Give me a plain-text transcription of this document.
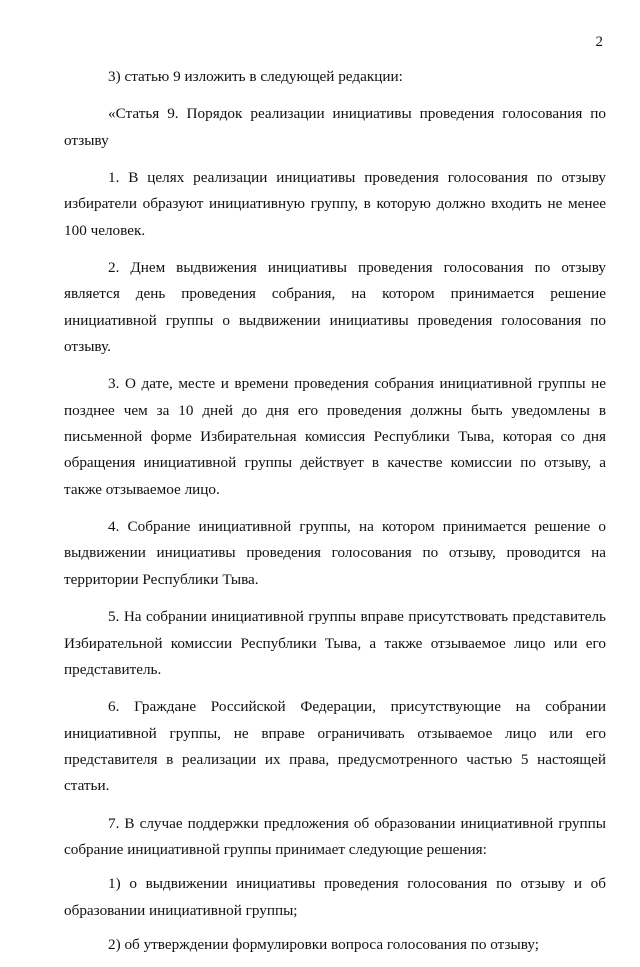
2

3) статью 9 изложить в следующей редакции:

«Статья 9. Порядок реализации инициативы проведения голосования по отзыву

1. В целях реализации инициативы проведения голосования по отзыву избиратели образуют инициативную группу, в которую должно входить не менее 100 человек.

2. Днем выдвижения инициативы проведения голосования по отзыву является день проведения собрания, на котором принимается решение инициативной группы о выдвижении инициативы проведения голосования по отзыву.

3. О дате, месте и времени проведения собрания инициативной группы не позднее чем за 10 дней до дня его проведения должны быть уведомлены в письменной форме Избирательная комиссия Республики Тыва, которая со дня обращения инициативной группы действует в качестве комиссии по отзыву, а также отзываемое лицо.

4. Собрание инициативной группы, на котором принимается решение о выдвижении инициативы проведения голосования по отзыву, проводится на территории Республики Тыва.

5. На собрании инициативной группы вправе присутствовать представитель Избирательной комиссии Республики Тыва, а также отзываемое лицо или его представитель.

6. Граждане Российской Федерации, присутствующие на собрании инициативной группы, не вправе ограничивать отзываемое лицо или его представителя в реализации их права, предусмотренного частью 5 настоящей статьи.

7. В случае поддержки предложения об образовании инициативной группы собрание инициативной группы принимает следующие решения:

1) о выдвижении инициативы проведения голосования по отзыву и об образовании инициативной группы;

2) об утверждении формулировки вопроса голосования по отзыву;
